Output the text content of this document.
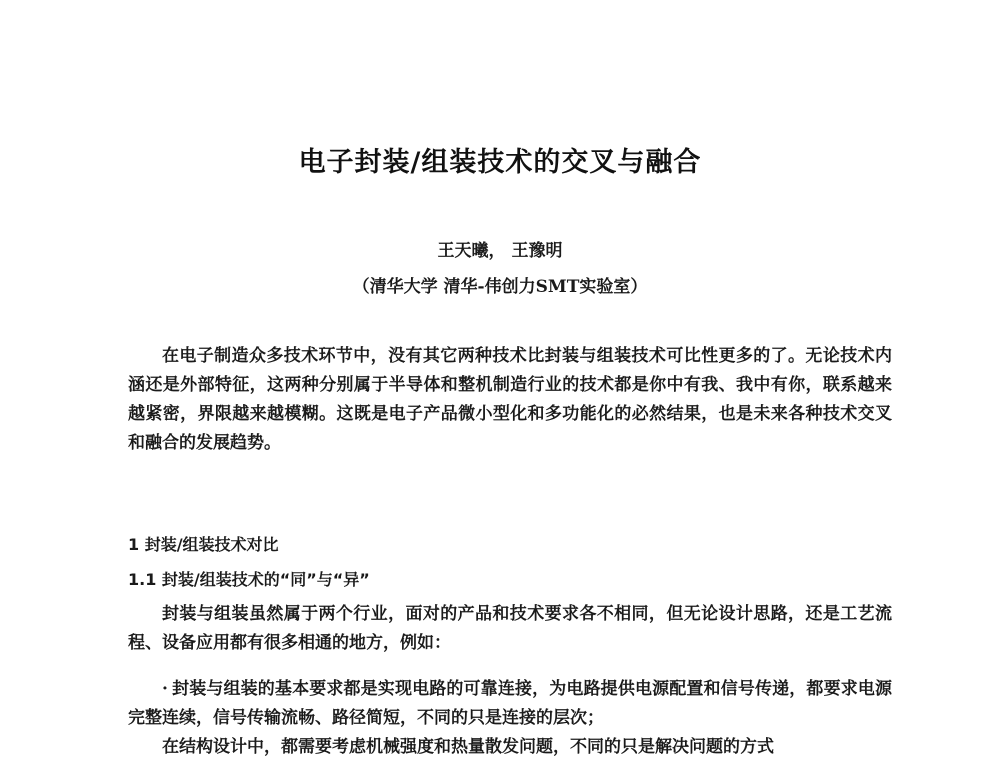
电子封装/组装技术的交叉与融合
王天曦， 王豫明
（清华大学 清华-伟创力SMT实验室）

在电子制造众多技术环节中，没有其它两种技术比封装与组装技术可比性更多的了。无论技术内涵还是外部特征，这两种分别属于半导体和整机制造行业的技术都是你中有我、我中有你，联系越来越紧密，界限越来越模糊。这既是电子产品微小型化和多功能化的必然结果，也是未来各种技术交叉和融合的发展趋势。

1 封装/组装技术对比
1.1 封装/组装技术的“同”与“异”

封装与组装虽然属于两个行业，面对的产品和技术要求各不相同，但无论设计思路，还是工艺流程、设备应用都有很多相通的地方，例如：

· 封装与组装的基本要求都是实现电路的可靠连接，为电路提供电源配置和信号传递，都要求电源完整连续，信号传输流畅、路径简短，不同的只是连接的层次；

在结构设计中，都需要考虑机械强度和热量散发问题，不同的只是解决问题的方式
